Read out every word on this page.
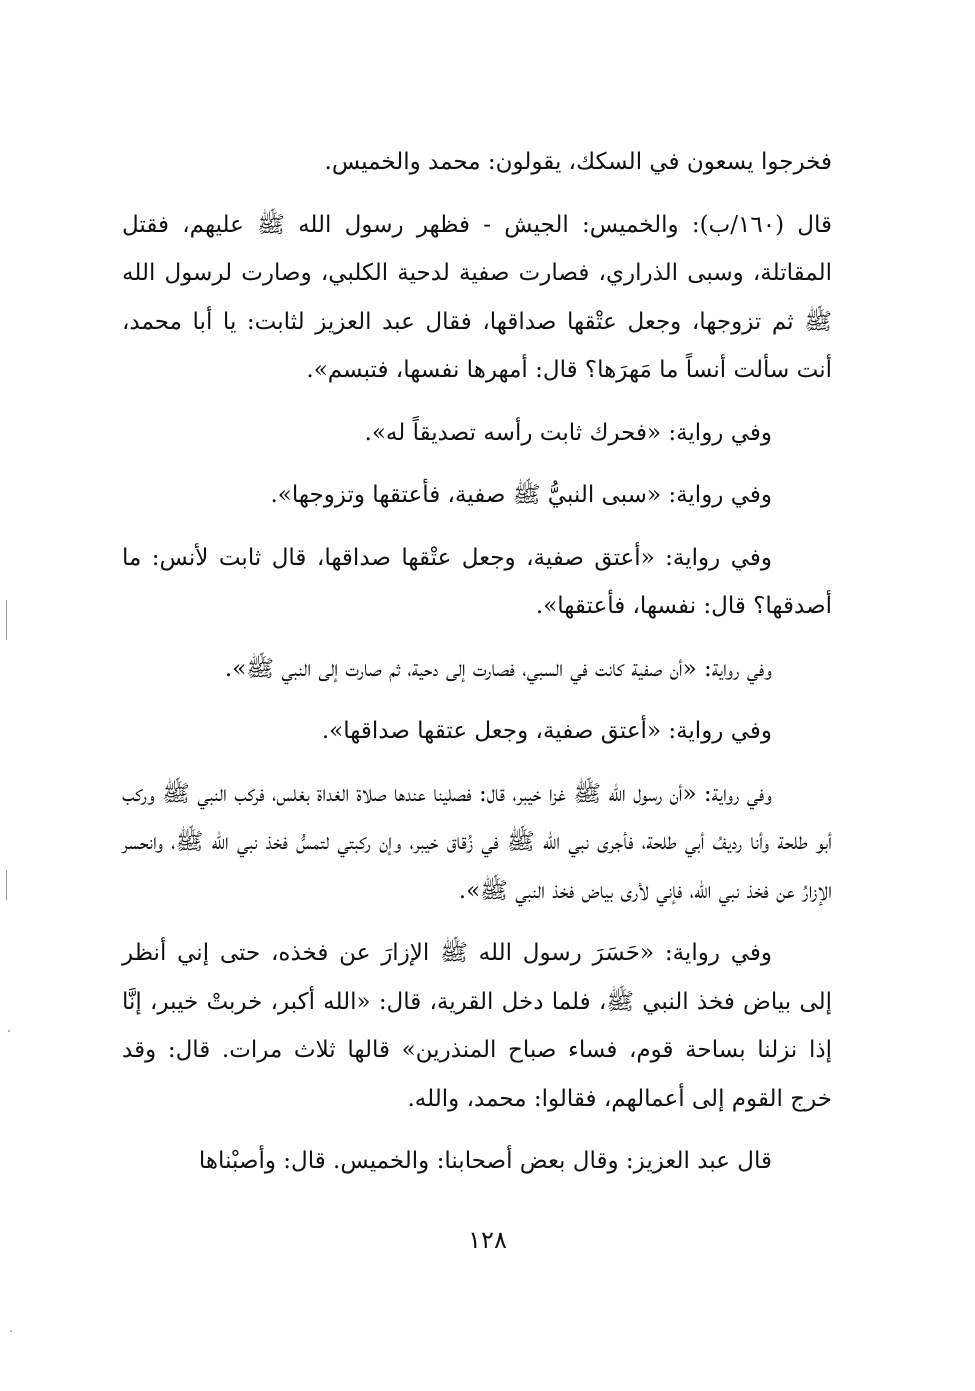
فخرجوا يسعون في السكك، يقولون: محمد والخميس.

قال (١٦٠/ب): والخميس: الجيش - فظهر رسول الله ﷺ عليهم، فقتل المقاتلة، وسبى الذراري، فصارت صفية لدحية الكلبي، وصارت لرسول الله ﷺ ثم تزوجها، وجعل عتْقها صداقها، فقال عبد العزيز لثابت: يا أبا محمد، أنت سألت أنساً ما مَهرَها؟ قال: أمهرها نفسها، فتبسم».

وفي رواية: «فحرك ثابت رأسه تصديقاً له».

وفي رواية: «سبى النبيُّ ﷺ صفية، فأعتقها وتزوجها».

وفي رواية: «أعتق صفية، وجعل عتْقها صداقها، قال ثابت لأنس: ما أصدقها؟ قال: نفسها، فأعتقها».

وفي رواية: «أن صفية كانت في السبي، فصارت إلى دحية، ثم صارت إلى النبي ﷺ».

وفي رواية: «أعتق صفية، وجعل عتقها صداقها».

وفي رواية: «أن رسول الله ﷺ غزا خيبر، قال: فصلينا عندها صلاة الغداة بغلس، فركب النبي ﷺ وركب أبو طلحة وأنا رديفُ أبي طلحة، فأجرى نبي الله ﷺ في زُقاق خيبر، وإن ركبتي لتمسُّ فخذ نبي الله ﷺ، وانحسر الإزارُ عن فخذ نبي الله، فإني لأرى بياض فخذ النبي ﷺ».

وفي رواية: «حَسَرَ رسول الله ﷺ الإزارَ عن فخذه، حتى إني أنظر إلى بياض فخذ النبي ﷺ، فلما دخل القرية، قال: «الله أكبر، خربتْ خيبر، إنَّا إذا نزلنا بساحة قوم، فساء صباح المنذرين» قالها ثلاث مرات. قال: وقد خرج القوم إلى أعمالهم، فقالوا: محمد، والله.

قال عبد العزيز: وقال بعض أصحابنا: والخميس. قال: وأصبْناها

١٢٨
